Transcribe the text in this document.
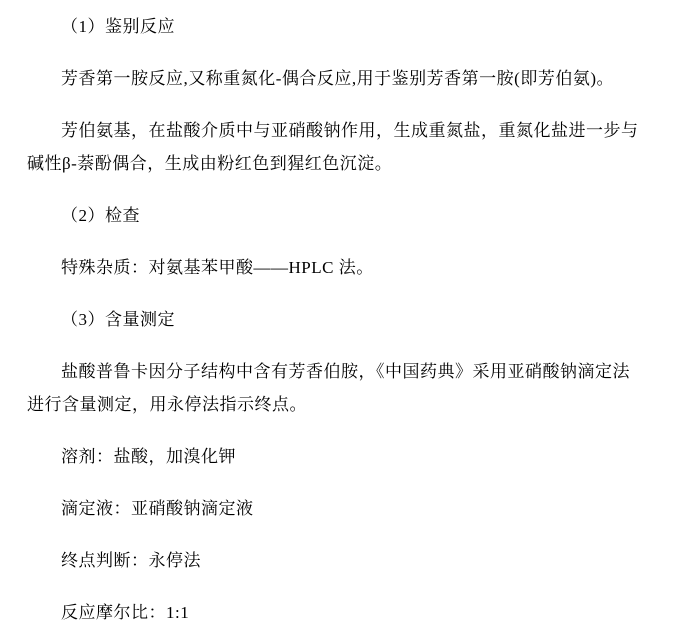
（1）鉴别反应

芳香第一胺反应,又称重氮化-偶合反应,用于鉴别芳香第一胺(即芳伯氨)。

芳伯氨基，在盐酸介质中与亚硝酸钠作用，生成重氮盐，重氮化盐进一步与碱性β-萘酚偶合，生成由粉红色到猩红色沉淀。

（2）检查

特殊杂质：对氨基苯甲酸——HPLC 法。

（3）含量测定

盐酸普鲁卡因分子结构中含有芳香伯胺，《中国药典》采用亚硝酸钠滴定法进行含量测定，用永停法指示终点。

溶剂：盐酸，加溴化钾

滴定液：亚硝酸钠滴定液

终点判断：永停法

反应摩尔比：1:1
